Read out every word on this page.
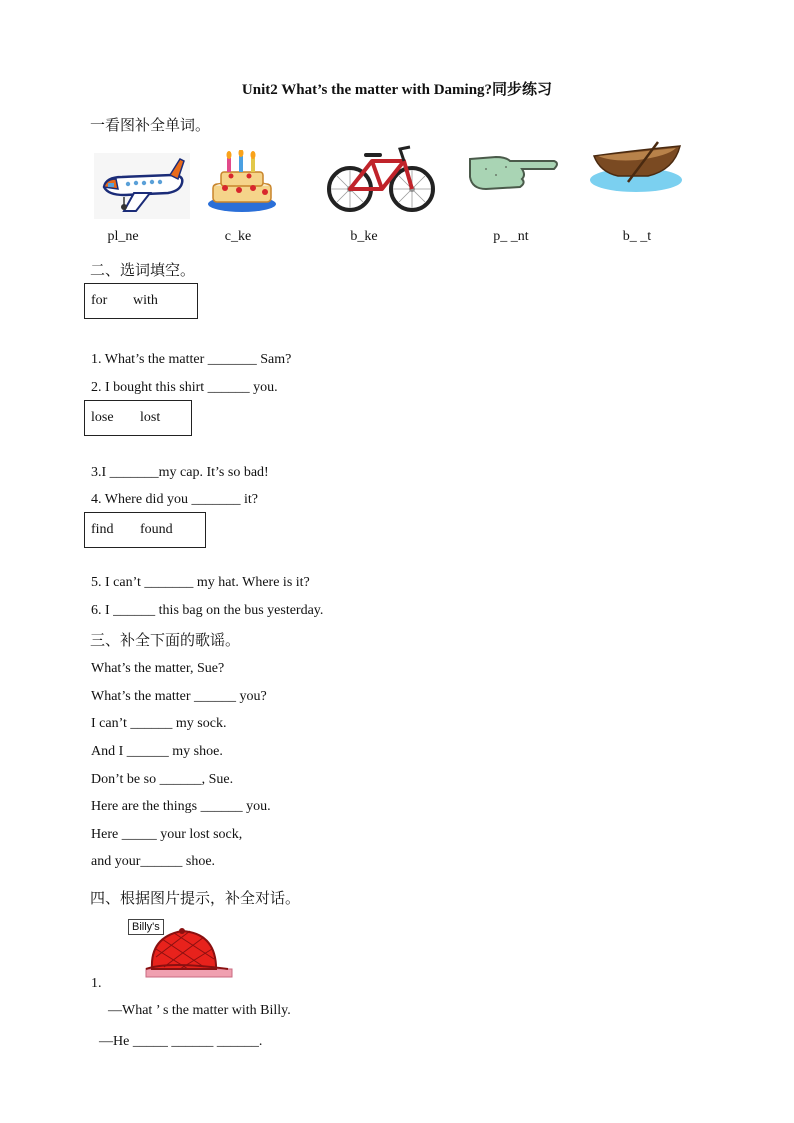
Unit2 What’s the matter with Daming?同步练习
一看图补全单词。
pl_ne	c_ke	b_ke	p_ _nt	b_ _t
二、选词填空。
for with
1. What’s the matter _______ Sam?
2. I bought this shirt ______ you.
lose lost
3.I _______my cap. It’s so bad!
4. Where did you _______ it?
find found
5. I can’t _______ my hat. Where is it?
6. I ______ this bag on the bus yesterday.
三、补全下面的歌谣。
What’s the matter, Sue?
What’s the matter ______ you?
I can’t ______ my sock.
And I ______ my shoe.
Don’t be so ______, Sue.
Here are the things ______ you.
Here _____ your lost sock,
and your______ shoe.
四、根据图片提示，补全对话。
Billy's
1.
—What ’ s the matter with Billy.
—He _____ ______ ______.
